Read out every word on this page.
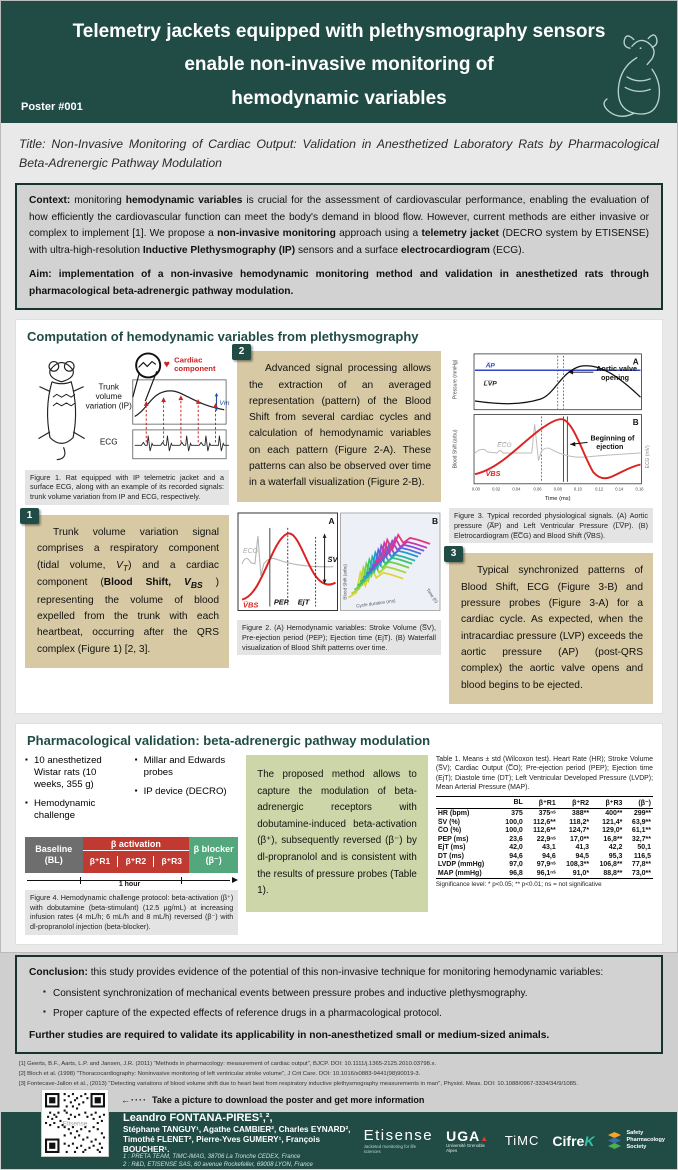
Telemetry jackets equipped with plethysmography sensors
enable non-invasive monitoring of
hemodynamic variables
Poster #001
Title: Non-Invasive Monitoring of Cardiac Output: Validation in Anesthetized Laboratory Rats by Pharmacological Beta-Adrenergic Pathway Modulation

Context: monitoring hemodynamic variables is crucial for the assessment of cardiovascular performance, enabling the evaluation of how efficiently the cardiovascular function can meet the body's demand in blood flow. However, current methods are either invasive or complex to implement [1]. We propose a non-invasive monitoring approach using a telemetry jacket (DECRO system by ETISENSE) with ultra-high-resolution Inductive Plethysmography (IP) sensors and a surface electrocardiogram (ECG).

Aim: implementation of a non-invasive hemodynamic monitoring method and validation in anesthetized rats through pharmacological beta-adrenergic pathway modulation.

Computation of hemodynamic variables from plethysmography
Trunk
volume
variation (IP)
ECG
Vт
♥ Cardiac
component
Figure 1. Rat equipped with IP telemetric jacket and a surface ECG, along with an example of its recorded signals: trunk volume variation from IP and ECG, respectively.
1
Trunk volume variation signal comprises a respiratory component (tidal volume, $V_T$) and a cardiac component (Blood Shift, $V_{BS}$ ) representing the volume of blood expelled from the trunk with each heartbeat, occurring after the QRS complex (Figure 1) [2, 3].
2
Advanced signal processing allows the extraction of an averaged representation (pattern) of the Blood Shift from several cardiac cycles and calculation of hemodynamic variables on each pattern (Figure 2-A). These patterns can also be observed over time in a waterfall visualization (Figure 2-B).
A
S̅V
ECG
V̅BS PEP EjT
B
Blood Shift (arbu)
Cycle duration (ms)	Time (h)
Figure 2. (A) Hemodynamic variables: Stroke Volume (S̅V), Pre-ejection period (PEP); Ejection time (EjT). (B) Waterfall visualization of Blood Shift patterns over time.
A
Aortic valve
opening
A̅P
L̅V̅P
Pressure (mmHg)
B
Beginning of
ejection
E̅C̅G
V̅BS
Blood Shift (arbu)	ECG (mV)
0.00	0.02	0.04	0.06	0.08	0.10	0.12	0.14	0.16
Time (ms)
Figure 3. Typical recorded physiological signals. (A) Aortic pressure (A̅P) and Left Ventricular Pressure (L̅V̅P). (B) Eletrocardiogram (E̅C̅G) and Blood Shift (V̅BS).
3
Typical synchronized patterns of Blood Shift, ECG (Figure 3-B) and pressure probes (Figure 3-A) for a cardiac cycle. As expected, when the intracardiac pressure (LVP) exceeds the aortic pressure (AP) (post-QRS complex) the aortic valve opens and blood begins to be ejected.
Pharmacological validation: beta-adrenergic pathway modulation
▪ 10 anesthetized Wistar rats (10 weeks, 355 g)
▪ Hemodynamic challenge
▪ Millar and Edwards probes
▪ IP device (DECRO)
Baseline
(BL)
β activation
β⁺R1	β⁺R2	β⁺R3
β blocker
(β⁻)
1 hour
Figure 4. Hemodynamic challenge protocol: beta-activation (β⁺) with dobutamine (beta-stimulant) (12.5 µg/mL) at increasing infusion rates (4 mL/h; 6 mL/h and 8 mL/h) reversed (β⁻) with dl-propranolol injection (beta-blocker).
The proposed method allows to capture the modulation of beta-adrenergic receptors with dobutamine-induced beta-activation (β⁺), subsequently reversed (β⁻) by dl-propranolol and is consistent with the results of pressure probes (Table 1).
Table 1. Means ± std (Wilcoxon test). Heart Rate (HR); Stroke Volume (S̅V); Cardiac Output (C̅O); Pre-ejection period (PEP); Ejection time (EjT); Diastole time (DT); Left Ventricular Developed Pressure (LVDP); Mean Arterial Pressure (MAP).
	BL	β⁺R1	β⁺R2	β⁺R3	(β⁻)
HR (bpm)	375	375ⁿˢ	388**	400**	299**
S̅V (%)	100,0	112,6**	118,2*	121,4*	63,9**
C̅O (%)	100,0	112,6**	124,7*	129,0*	61,1**
PEP (ms)	23,6	22,9ⁿˢ	17,0**	16,8**	32,7**
EjT (ms)	42,0	43,1	41,3	42,2	50,1
DT (ms)	94,6	94,6	94,5	95,3	116,5
LVDP (mmHg)	97,0	97,9ⁿˢ	108,3**	106,8**	77,8**
MAP (mmHg)	96,8	96,1ⁿˢ	91,0*	88,8**	73,0**
Significance level: * p<0.05; ** p<0.01; ns = not significative

Conclusion: this study provides evidence of the potential of this non-invasive technique for monitoring hemodynamic variables:

▪ Consistent synchronization of mechanical events between pressure probes and inductive plethysmography.
▪ Proper capture of the expected effects of reference drugs in a pharmacological protocol.

Further studies are required to validate its applicability in non-anesthetized small or medium-sized animals.

[1] Geerts, B.F., Aarts, L.P. and Jansen, J.R. (2011) "Methods in pharmacology: measurement of cardiac output", BJCP. DOI: 10.1111/j.1365-2125.2010.03798.x.
[2] Bloch et al. (1998) "Thoracocardiography: Noninvasive monitoring of left ventricular stroke volume", J Crit Care. DOI: 10.1016/s0883-9441(98)90019-3.
[3] Fontecave-Jallon et al., (2013) "Detecting variations of blood volume shift due to heart beat from respiratory inductive plethysmography measurements in man", Physiol. Meas. DOI: 10.1088/0967-3334/34/9/1085.
Etisense
←···· Take a picture to download the poster and get more information
Leandro FONTANA-PIRES¹,²,
Stéphane TANGUY¹, Agathe CAMBIER², Charles EYNARD²,
Timothé FLENET², Pierre-Yves GUMERY¹, François BOUCHER¹.
1 : PRETA TEAM, TIMC-IMAG, 38706 La Tronche CEDEX, France
2 : R&D, ETISENSE SAS, 60 avenue Rockefeller, 69008 LYON, France
Etisense
Jacketed monitoring for life sciences
UGA▲
Université Grenoble Alpes
TiMC CifreK	Safety
Pharmacology
Society
